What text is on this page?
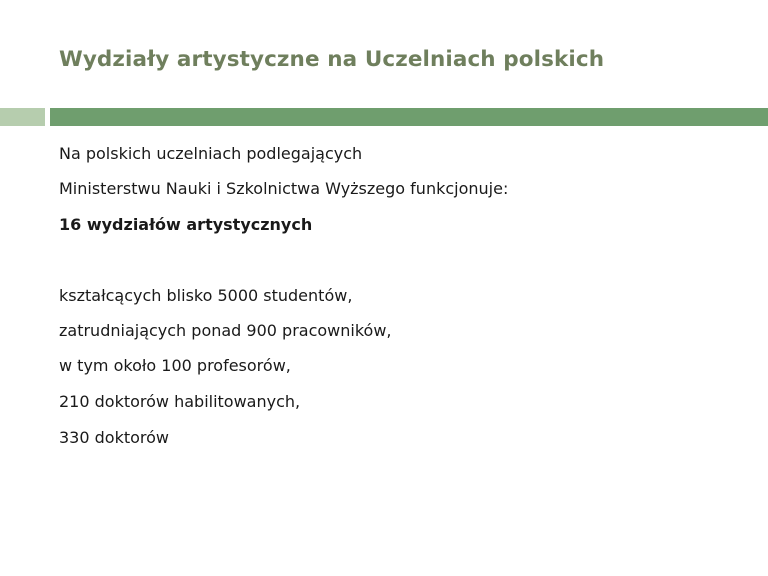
Wydziały artystyczne na Uczelniach polskich
Na polskich uczelniach podlegających
Ministerstwu Nauki i Szkolnictwa Wyższego funkcjonuje:
16 wydziałów artystycznych
kształcących blisko 5000 studentów,
zatrudniających ponad 900 pracowników,
w tym około 100 profesorów,
210 doktorów habilitowanych,
330 doktorów
